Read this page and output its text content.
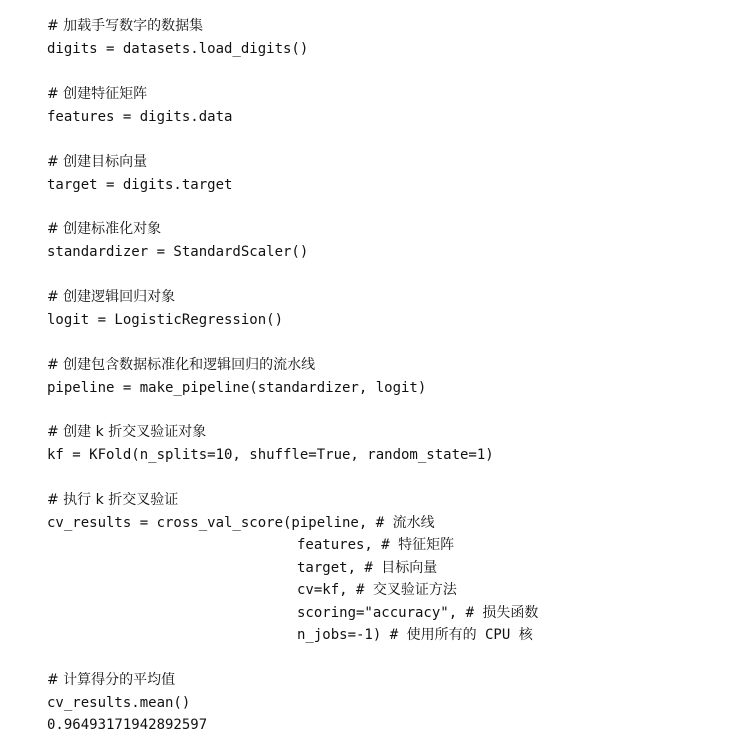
# 加载手写数字的数据集
digits = datasets.load_digits()
# 创建特征矩阵
features = digits.data
# 创建目标向量
target = digits.target
# 创建标准化对象
standardizer = StandardScaler()
# 创建逻辑回归对象
logit = LogisticRegression()
# 创建包含数据标准化和逻辑回归的流水线
pipeline = make_pipeline(standardizer, logit)
# 创建 k 折交叉验证对象
kf = KFold(n_splits=10, shuffle=True, random_state=1)
# 执行 k 折交叉验证
cv_results = cross_val_score(pipeline, # 流水线
features, # 特征矩阵
target, # 目标向量
cv=kf, # 交叉验证方法
scoring="accuracy", # 损失函数
n_jobs=-1) # 使用所有的 CPU 核
# 计算得分的平均值
cv_results.mean()
0.96493171942892597
